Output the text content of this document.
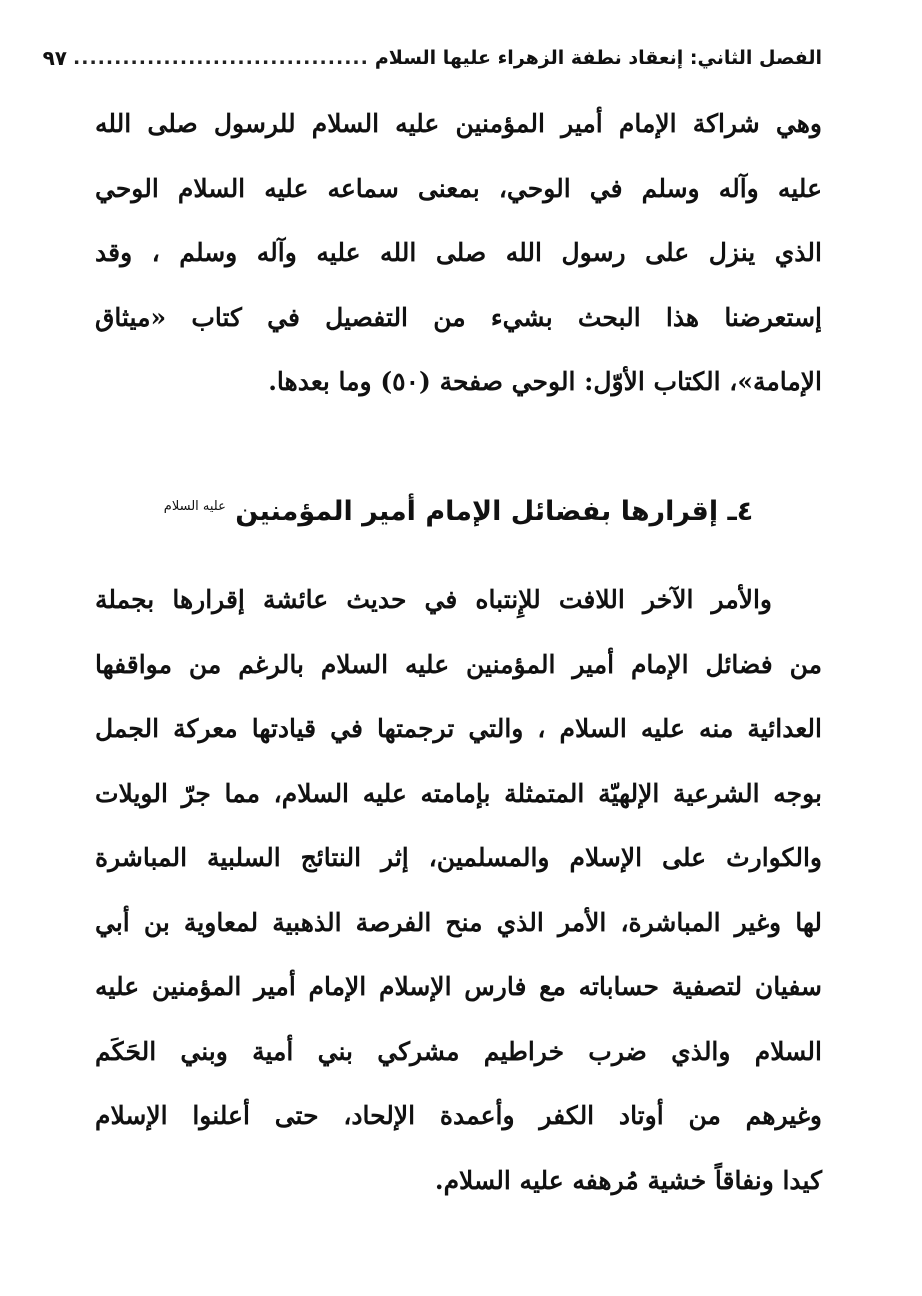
الفصل الثاني: إنعقاد نطفة الزهراء عليها السلام
....................................
٩٧
وهي شراكة الإمام أمير المؤمنين عليه السلام للرسول صلى الله
عليه وآله وسلم في الوحي، بمعنى سماعه عليه السلام الوحي
الذي ينزل على رسول الله صلى الله عليه وآله وسلم ، وقد
إستعرضنا هذا البحث بشيء من التفصيل في كتاب «ميثاق
الإمامة»، الكتاب الأوّل: الوحي صفحة (٥٠) وما بعدها.
٤ـ إقرارها بفضائل الإمام أمير المؤمنين $^{عليه السلام}$
والأمر الآخر اللافت للإِنتباه في حديث عائشة إقرارها بجملة
من فضائل الإمام أمير المؤمنين عليه السلام بالرغم من مواقفها
العدائية منه عليه السلام ، والتي ترجمتها في قيادتها معركة الجمل
بوجه الشرعية الإلهيّة المتمثلة بإمامته عليه السلام، مما جرّ الويلات
والكوارث على الإسلام والمسلمين، إثر النتائج السلبية المباشرة
لها وغير المباشرة، الأمر الذي منح الفرصة الذهبية لمعاوية بن أبي
سفيان لتصفية حساباته مع فارس الإسلام الإمام أمير المؤمنين عليه
السلام والذي ضرب خراطيم مشركي بني أمية وبني الحَكَم
وغيرهم من أوتاد الكفر وأعمدة الإلحاد، حتى أعلنوا الإسلام
كيدا ونفاقاً خشية مُرهفه عليه السلام.
